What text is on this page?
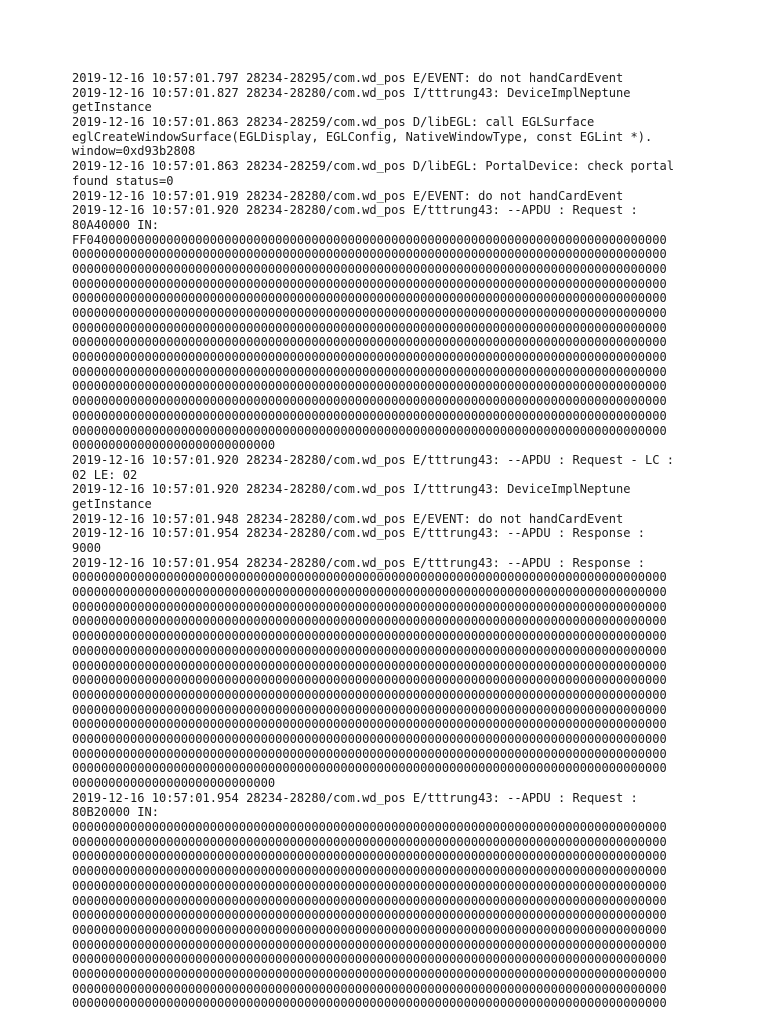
2019-12-16 10:57:01.797 28234-28295/com.wd_pos E/EVENT: do not handCardEvent
2019-12-16 10:57:01.827 28234-28280/com.wd_pos I/tttrung43: DeviceImplNeptune
getInstance
2019-12-16 10:57:01.863 28234-28259/com.wd_pos D/libEGL: call EGLSurface
eglCreateWindowSurface(EGLDisplay, EGLConfig, NativeWindowType, const EGLint *).
window=0xd93b2808
2019-12-16 10:57:01.863 28234-28259/com.wd_pos D/libEGL: PortalDevice: check portal
found status=0
2019-12-16 10:57:01.919 28234-28280/com.wd_pos E/EVENT: do not handCardEvent
2019-12-16 10:57:01.920 28234-28280/com.wd_pos E/tttrung43: --APDU : Request :
80A40000 IN:
FF04000000000000000000000000000000000000000000000000000000000000000000000000000000
0000000000000000000000000000000000000000000000000000000000000000000000000000000000
0000000000000000000000000000000000000000000000000000000000000000000000000000000000
0000000000000000000000000000000000000000000000000000000000000000000000000000000000
0000000000000000000000000000000000000000000000000000000000000000000000000000000000
0000000000000000000000000000000000000000000000000000000000000000000000000000000000
0000000000000000000000000000000000000000000000000000000000000000000000000000000000
0000000000000000000000000000000000000000000000000000000000000000000000000000000000
0000000000000000000000000000000000000000000000000000000000000000000000000000000000
0000000000000000000000000000000000000000000000000000000000000000000000000000000000
0000000000000000000000000000000000000000000000000000000000000000000000000000000000
0000000000000000000000000000000000000000000000000000000000000000000000000000000000
0000000000000000000000000000000000000000000000000000000000000000000000000000000000
0000000000000000000000000000000000000000000000000000000000000000000000000000000000
0000000000000000000000000000
2019-12-16 10:57:01.920 28234-28280/com.wd_pos E/tttrung43: --APDU : Request - LC :
02 LE: 02
2019-12-16 10:57:01.920 28234-28280/com.wd_pos I/tttrung43: DeviceImplNeptune
getInstance
2019-12-16 10:57:01.948 28234-28280/com.wd_pos E/EVENT: do not handCardEvent
2019-12-16 10:57:01.954 28234-28280/com.wd_pos E/tttrung43: --APDU : Response :
9000
2019-12-16 10:57:01.954 28234-28280/com.wd_pos E/tttrung43: --APDU : Response :
0000000000000000000000000000000000000000000000000000000000000000000000000000000000
0000000000000000000000000000000000000000000000000000000000000000000000000000000000
0000000000000000000000000000000000000000000000000000000000000000000000000000000000
0000000000000000000000000000000000000000000000000000000000000000000000000000000000
0000000000000000000000000000000000000000000000000000000000000000000000000000000000
0000000000000000000000000000000000000000000000000000000000000000000000000000000000
0000000000000000000000000000000000000000000000000000000000000000000000000000000000
0000000000000000000000000000000000000000000000000000000000000000000000000000000000
0000000000000000000000000000000000000000000000000000000000000000000000000000000000
0000000000000000000000000000000000000000000000000000000000000000000000000000000000
0000000000000000000000000000000000000000000000000000000000000000000000000000000000
0000000000000000000000000000000000000000000000000000000000000000000000000000000000
0000000000000000000000000000000000000000000000000000000000000000000000000000000000
0000000000000000000000000000000000000000000000000000000000000000000000000000000000
0000000000000000000000000000
2019-12-16 10:57:01.954 28234-28280/com.wd_pos E/tttrung43: --APDU : Request :
80B20000 IN:
0000000000000000000000000000000000000000000000000000000000000000000000000000000000
0000000000000000000000000000000000000000000000000000000000000000000000000000000000
0000000000000000000000000000000000000000000000000000000000000000000000000000000000
0000000000000000000000000000000000000000000000000000000000000000000000000000000000
0000000000000000000000000000000000000000000000000000000000000000000000000000000000
0000000000000000000000000000000000000000000000000000000000000000000000000000000000
0000000000000000000000000000000000000000000000000000000000000000000000000000000000
0000000000000000000000000000000000000000000000000000000000000000000000000000000000
0000000000000000000000000000000000000000000000000000000000000000000000000000000000
0000000000000000000000000000000000000000000000000000000000000000000000000000000000
0000000000000000000000000000000000000000000000000000000000000000000000000000000000
0000000000000000000000000000000000000000000000000000000000000000000000000000000000
0000000000000000000000000000000000000000000000000000000000000000000000000000000000
